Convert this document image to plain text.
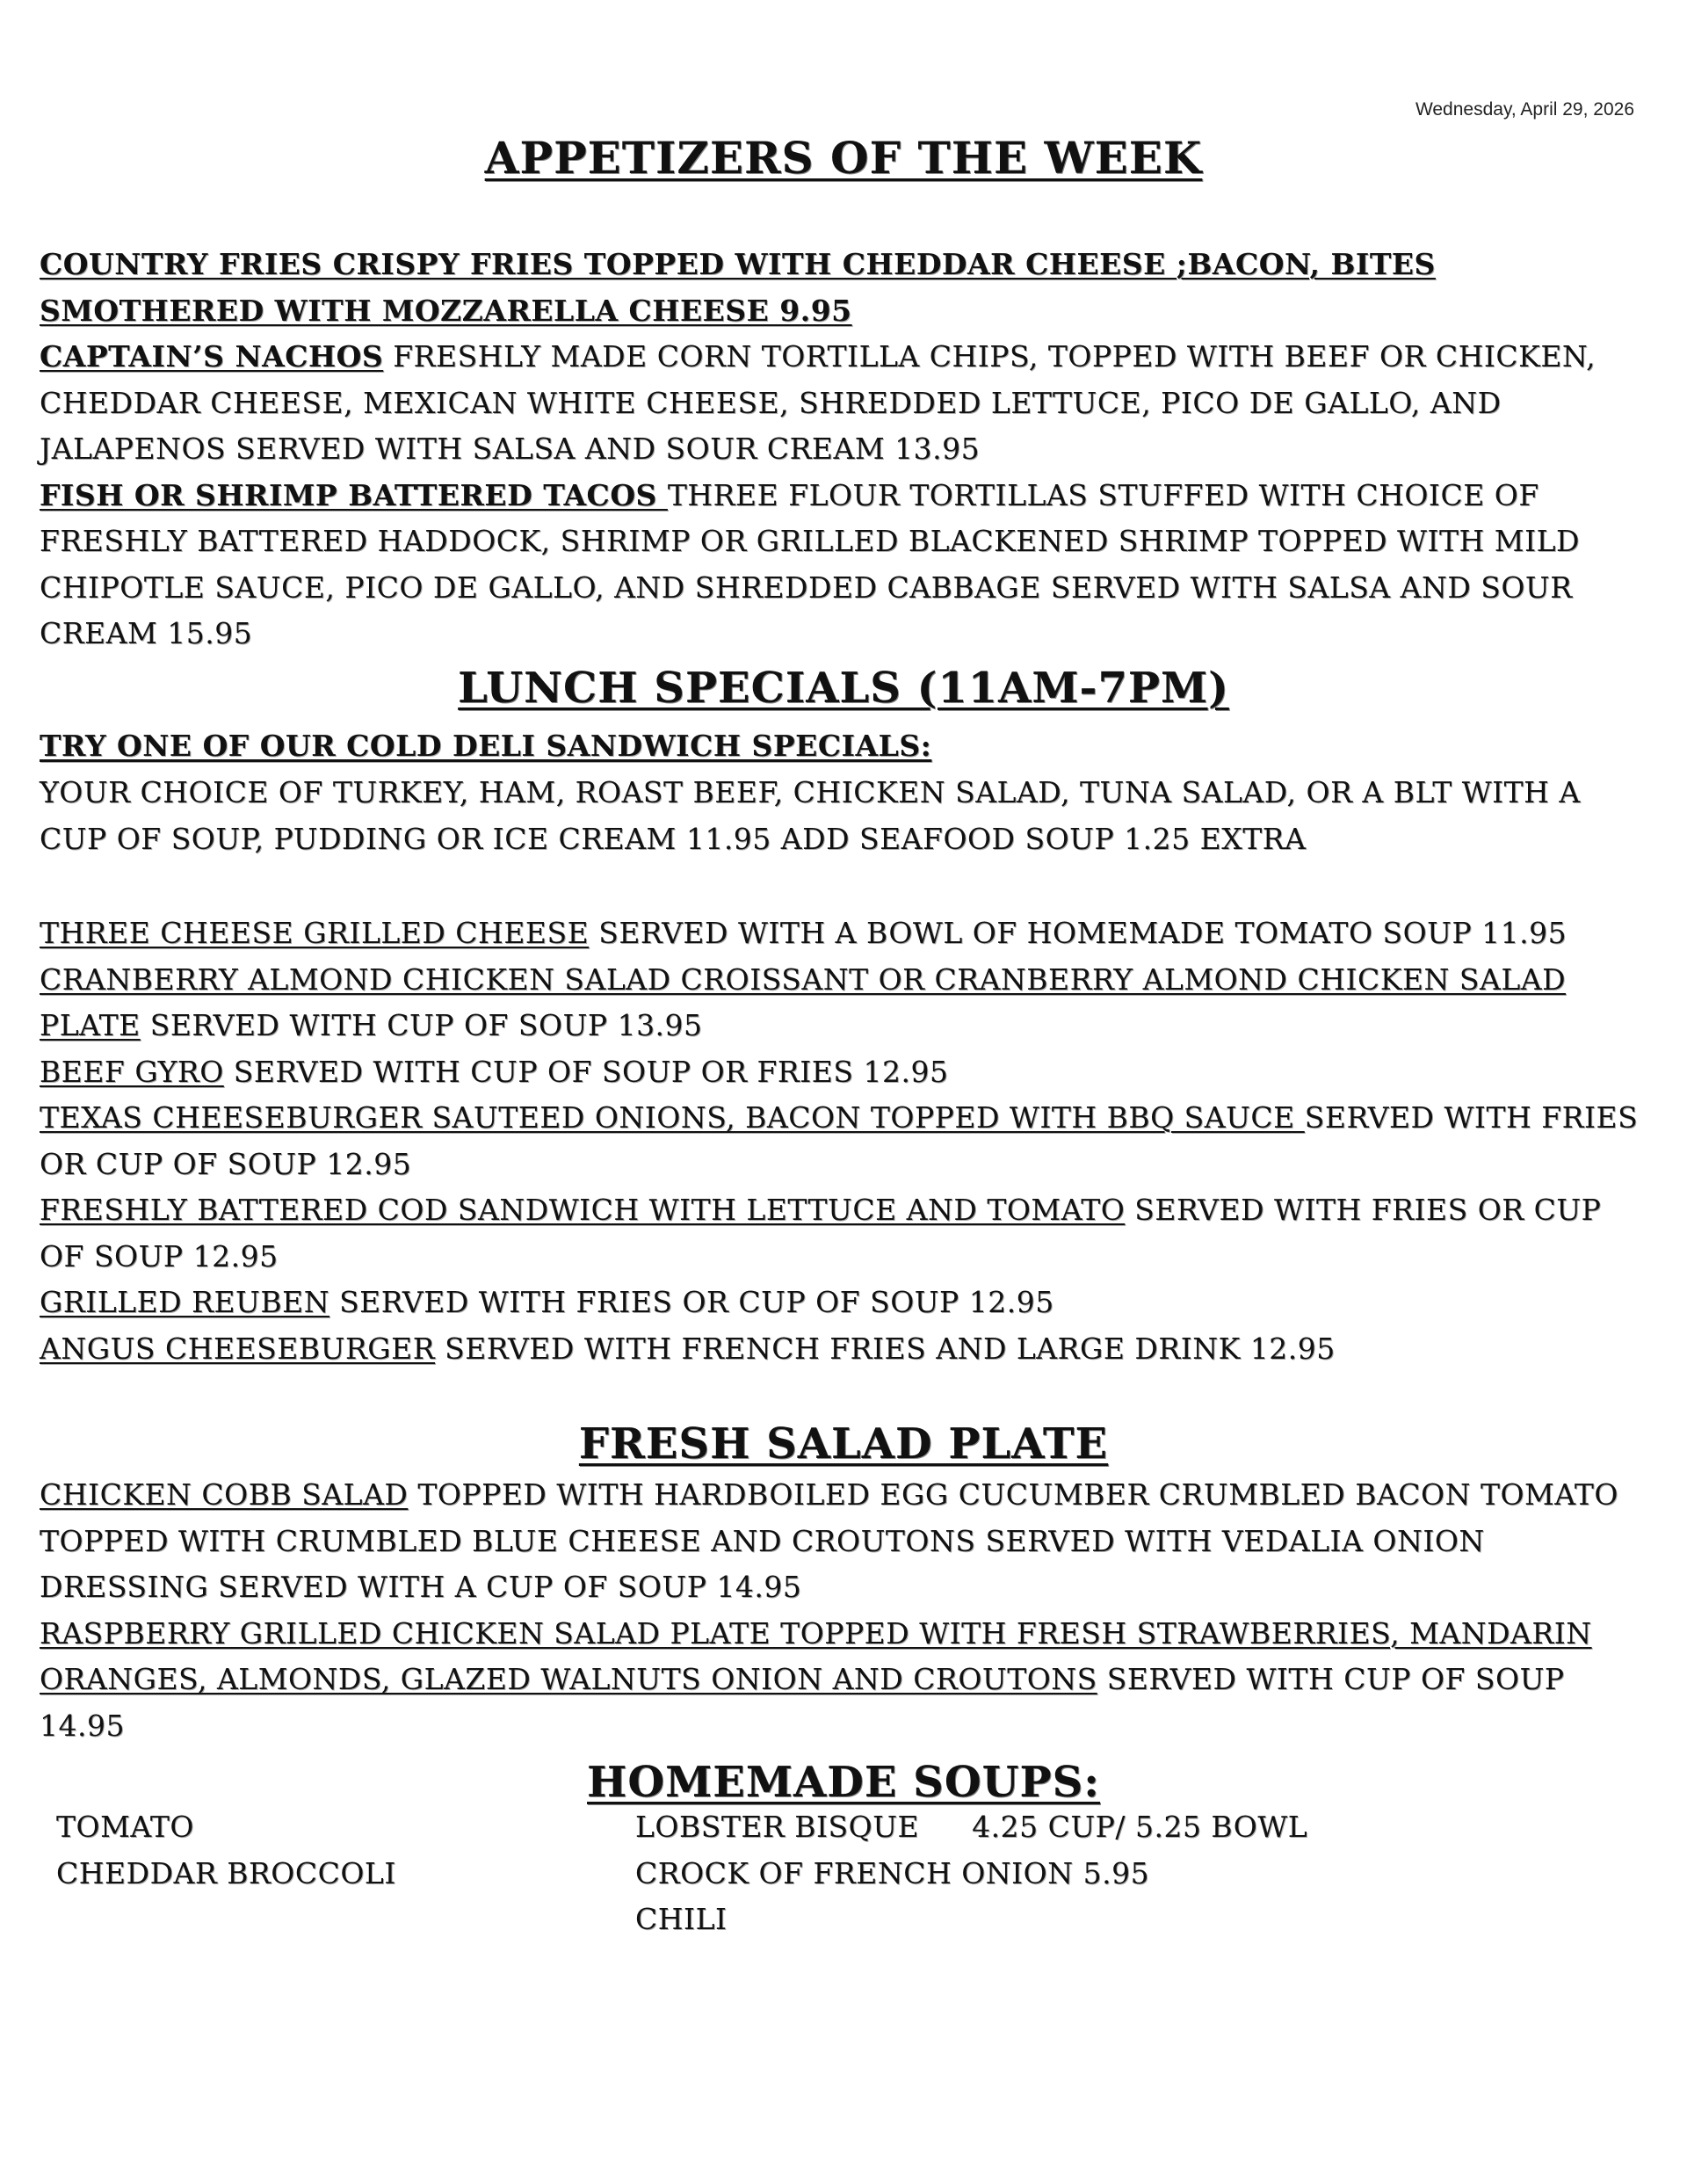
Wednesday, April 29, 2026
APPETIZERS OF THE WEEK

COUNTRY FRIES CRISPY FRIES TOPPED WITH CHEDDAR CHEESE ;BACON, BITES SMOTHERED WITH MOZZARELLA CHEESE 9.95

CAPTAIN’S NACHOS FRESHLY MADE CORN TORTILLA CHIPS, TOPPED WITH BEEF OR CHICKEN, CHEDDAR CHEESE, MEXICAN WHITE CHEESE, SHREDDED LETTUCE, PICO DE GALLO, AND JALAPENOS SERVED WITH SALSA AND SOUR CREAM 13.95

FISH OR SHRIMP BATTERED TACOS THREE FLOUR TORTILLAS STUFFED WITH CHOICE OF FRESHLY BATTERED HADDOCK, SHRIMP OR GRILLED BLACKENED SHRIMP TOPPED WITH MILD CHIPOTLE SAUCE, PICO DE GALLO, AND SHREDDED CABBAGE SERVED WITH SALSA AND SOUR CREAM 15.95

LUNCH SPECIALS (11AM-7PM)
TRY ONE OF OUR COLD DELI SANDWICH SPECIALS:
YOUR CHOICE OF TURKEY, HAM, ROAST BEEF, CHICKEN SALAD, TUNA SALAD, OR A BLT WITH A CUP OF SOUP, PUDDING OR ICE CREAM 11.95 ADD SEAFOOD SOUP 1.25 EXTRA

THREE CHEESE GRILLED CHEESE SERVED WITH A BOWL OF HOMEMADE TOMATO SOUP 11.95

CRANBERRY ALMOND CHICKEN SALAD CROISSANT OR CRANBERRY ALMOND CHICKEN SALAD PLATE SERVED WITH CUP OF SOUP 13.95

BEEF GYRO SERVED WITH CUP OF SOUP OR FRIES 12.95

TEXAS CHEESEBURGER SAUTEED ONIONS, BACON TOPPED WITH BBQ SAUCE SERVED WITH FRIES OR CUP OF SOUP 12.95

FRESHLY BATTERED COD SANDWICH WITH LETTUCE AND TOMATO SERVED WITH FRIES OR CUP OF SOUP 12.95

GRILLED REUBEN SERVED WITH FRIES OR CUP OF SOUP 12.95

ANGUS CHEESEBURGER SERVED WITH FRENCH FRIES AND LARGE DRINK 12.95

FRESH SALAD PLATE

CHICKEN COBB SALAD TOPPED WITH HARDBOILED EGG CUCUMBER CRUMBLED BACON TOMATO TOPPED WITH CRUMBLED BLUE CHEESE AND CROUTONS SERVED WITH VEDALIA ONION DRESSING SERVED WITH A CUP OF SOUP 14.95

RASPBERRY GRILLED CHICKEN SALAD PLATE TOPPED WITH FRESH STRAWBERRIES, MANDARIN ORANGES, ALMONDS, GLAZED WALNUTS ONION AND CROUTONS SERVED WITH CUP OF SOUP 14.95

HOMEMADE SOUPS:

TOMATO

CHEDDAR BROCCOLI

LOBSTER BISQUE 4.25 CUP/ 5.25 BOWL

CROCK OF FRENCH ONION 5.95

CHILI
